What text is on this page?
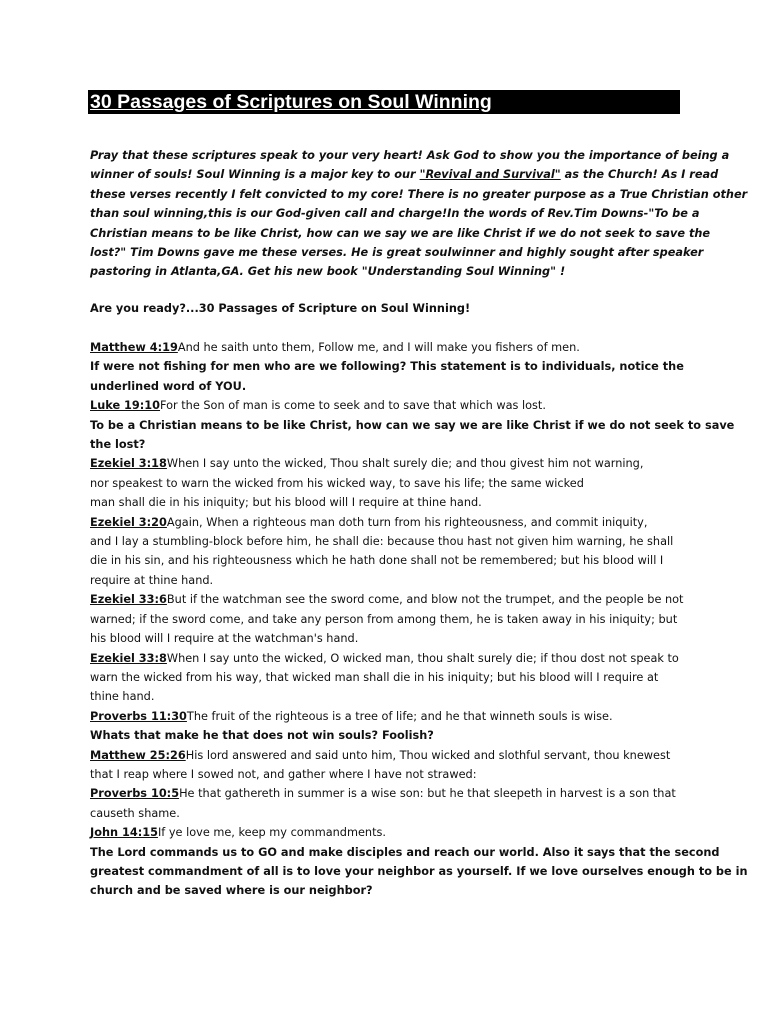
30 Passages of Scriptures on Soul Winning
Pray that these scriptures speak to your very heart! Ask God to show you the importance of being a
winner of souls! Soul Winning is a major key to our "Revival and Survival" as the Church! As I read
these verses recently I felt convicted to my core! There is no greater purpose as a True Christian other
than soul winning,this is our God-given call and charge!In the words of Rev.Tim Downs-"To be a
Christian means to be like Christ, how can we say we are like Christ if we do not seek to save the
lost?" Tim Downs gave me these verses. He is great soulwinner and highly sought after speaker
pastoring in Atlanta,GA. Get his new book "Understanding Soul Winning" !
Are you ready?...30 Passages of Scripture on Soul Winning!
Matthew 4:19And he saith unto them, Follow me, and I will make you fishers of men.
If were not fishing for men who are we following? This statement is to individuals, notice the
underlined word of YOU.
Luke 19:10For the Son of man is come to seek and to save that which was lost.
To be a Christian means to be like Christ, how can we say we are like Christ if we do not seek to save
the lost?
Ezekiel 3:18When I say unto the wicked, Thou shalt surely die; and thou givest him not warning,
nor speakest to warn the wicked from his wicked way, to save his life; the same wicked
man shall die in his iniquity; but his blood will I require at thine hand.
Ezekiel 3:20Again, When a righteous man doth turn from his righteousness, and commit iniquity,
and I lay a stumbling-block before him, he shall die: because thou hast not given him warning, he shall
die in his sin, and his righteousness which he hath done shall not be remembered; but his blood will I
require at thine hand.
Ezekiel 33:6But if the watchman see the sword come, and blow not the trumpet, and the people be not
warned; if the sword come, and take any person from among them, he is taken away in his iniquity; but
his blood will I require at the watchman's hand.
Ezekiel 33:8When I say unto the wicked, O wicked man, thou shalt surely die; if thou dost not speak to
warn the wicked from his way, that wicked man shall die in his iniquity; but his blood will I require at
thine hand.
Proverbs 11:30The fruit of the righteous is a tree of life; and he that winneth souls is wise.
Whats that make he that does not win souls? Foolish?
Matthew 25:26His lord answered and said unto him, Thou wicked and slothful servant, thou knewest
that I reap where I sowed not, and gather where I have not strawed:
Proverbs 10:5He that gathereth in summer is a wise son: but he that sleepeth in harvest is a son that
causeth shame.
John 14:15If ye love me, keep my commandments.
The Lord commands us to GO and make disciples and reach our world. Also it says that the second
greatest commandment of all is to love your neighbor as yourself. If we love ourselves enough to be in
church and be saved where is our neighbor?
